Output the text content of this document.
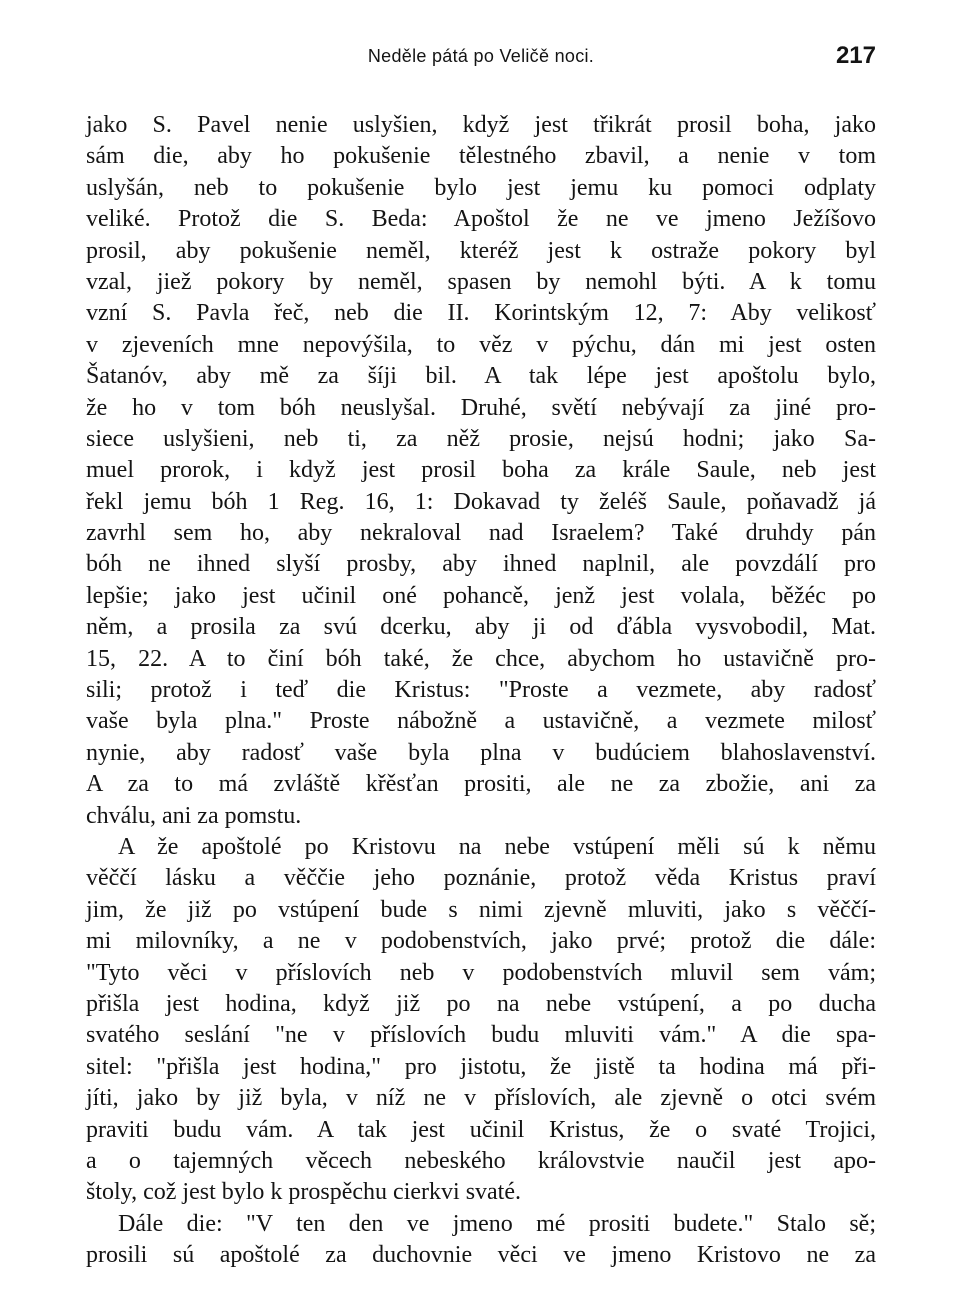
Neděle pátá po Veličě noci.	217
jako S. Pavel nenie uslyšien, když jest třikrát prosil boha, jako
sám die, aby ho pokušenie tělestného zbavil, a nenie v tom
uslyšán, neb to pokušenie bylo jest jemu ku pomoci odplaty
veliké. Protož die S. Beda: Apoštol že ne ve jmeno Ježíšovo
prosil, aby pokušenie neměl, kteréž jest k ostraže pokory byl
vzal, jiež pokory by neměl, spasen by nemohl býti. A k tomu
vzní S. Pavla řeč, neb die II. Korintským 12, 7: Aby velikosť
v zjeveních mne nepovýšila, to věz v pýchu, dán mi jest osten
Šatanóv, aby mě za šíji bil. A tak lépe jest apoštolu bylo,
že ho v tom bóh neuslyšal. Druhé, světí nebývají za jiné pro-
siece uslyšieni, neb ti, za něž prosie, nejsú hodni; jako Sa-
muel prorok, i když jest prosil boha za krále Saule, neb jest
řekl jemu bóh 1 Reg. 16, 1: Dokavad ty želéš Saule, poňavadž já
zavrhl sem ho, aby nekraloval nad Israelem? Také druhdy pán
bóh ne ihned slyší prosby, aby ihned naplnil, ale povzdálí pro
lepšie; jako jest učinil oné pohancě, jenž jest volala, běžéc po
něm, a prosila za svú dcerku, aby ji od ďábla vysvobodil, Mat.
15, 22. A to činí bóh také, že chce, abychom ho ustavičně pro-
sili; protož i teď die Kristus: "Proste a vezmete, aby radosť
vaše byla plna." Proste nábožně a ustavičně, a vezmete milosť
nynie, aby radosť vaše byla plna v budúciem blahoslavenství.
A za to má zvláště křěsťan prositi, ale ne za zbožie, ani za
chválu, ani za pomstu.
A že apoštolé po Kristovu na nebe vstúpení měli sú k němu
věččí lásku a věččie jeho poznánie, protož věda Kristus praví
jim, že již po vstúpení bude s nimi zjevně mluviti, jako s věččí-
mi milovníky, a ne v podobenstvích, jako prvé; protož die dále:
"Tyto věci v příslovích neb v podobenstvích mluvil sem vám;
přišla jest hodina, když již po na nebe vstúpení, a po ducha
svatého seslání "ne v příslovích budu mluviti vám." A die spa-
sitel: "přišla jest hodina," pro jistotu, že jistě ta hodina má při-
jíti, jako by již byla, v níž ne v příslovích, ale zjevně o otci svém
praviti budu vám. A tak jest učinil Kristus, že o svaté Trojici,
a o tajemných věcech nebeského královstvie naučil jest apo-
štoly, což jest bylo k prospěchu cierkvi svaté.
Dále die: "V ten den ve jmeno mé prositi budete." Stalo sě;
prosili sú apoštolé za duchovnie věci ve jmeno Kristovo ne za
